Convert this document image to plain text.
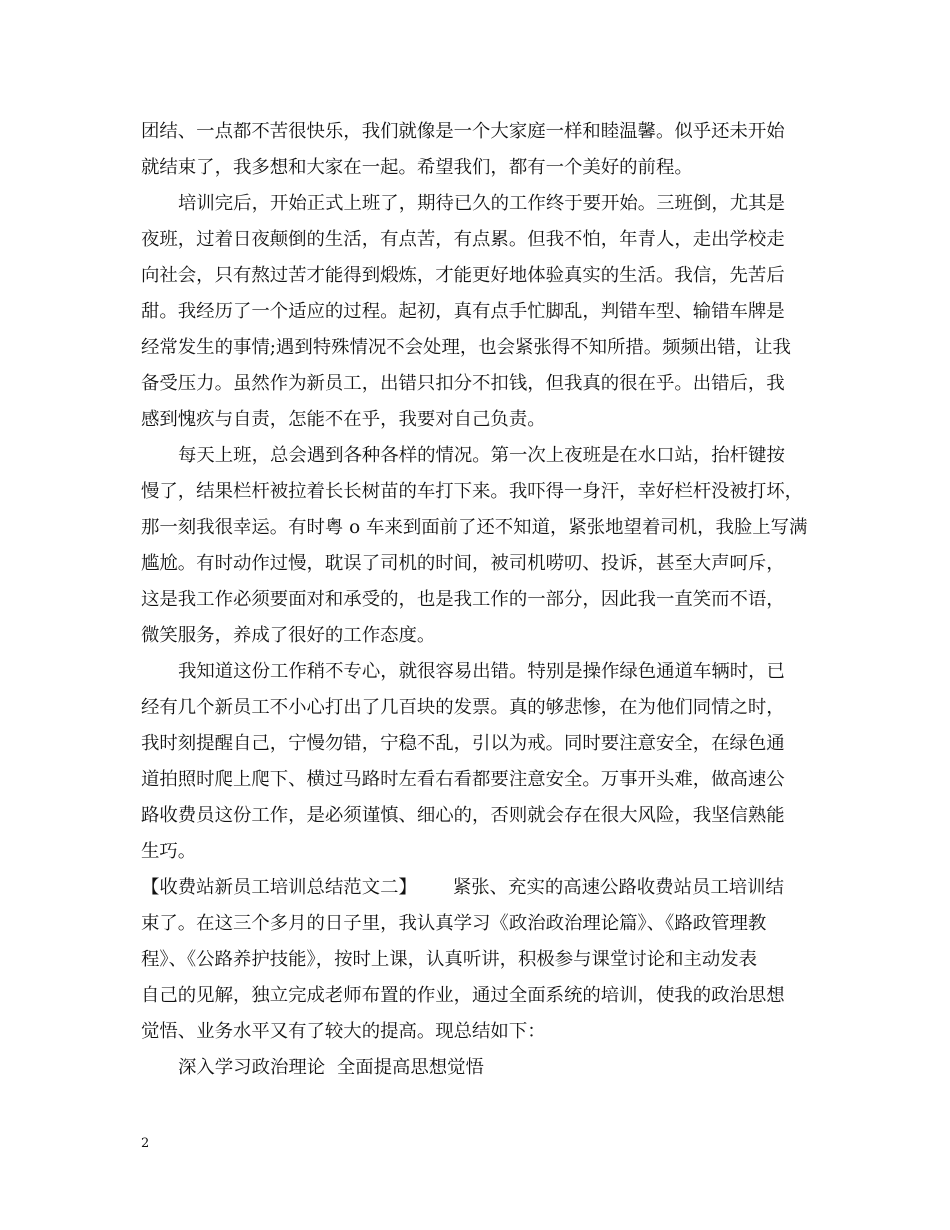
团结、一点都不苦很快乐，我们就像是一个大家庭一样和睦温馨。似乎还未开始
就结束了，我多想和大家在一起。希望我们，都有一个美好的前程。
培训完后，开始正式上班了，期待已久的工作终于要开始。三班倒，尤其是
夜班，过着日夜颠倒的生活，有点苦，有点累。但我不怕，年青人，走出学校走
向社会，只有熬过苦才能得到煅炼，才能更好地体验真实的生活。我信，先苦后
甜。我经历了一个适应的过程。起初，真有点手忙脚乱，判错车型、输错车牌是
经常发生的事情;遇到特殊情况不会处理，也会紧张得不知所措。频频出错，让我
备受压力。虽然作为新员工，出错只扣分不扣钱，但我真的很在乎。出错后，我
感到愧疚与自责，怎能不在乎，我要对自己负责。
每天上班，总会遇到各种各样的情况。第一次上夜班是在水口站，抬杆键按
慢了，结果栏杆被拉着长长树苗的车打下来。我吓得一身汗，幸好栏杆没被打坏，
那一刻我很幸运。有时粤 o 车来到面前了还不知道，紧张地望着司机，我脸上写满
尴尬。有时动作过慢，耽误了司机的时间，被司机唠叨、投诉，甚至大声呵斥，
这是我工作必须要面对和承受的，也是我工作的一部分，因此我一直笑而不语，
微笑服务，养成了很好的工作态度。
我知道这份工作稍不专心，就很容易出错。特别是操作绿色通道车辆时，已
经有几个新员工不小心打出了几百块的发票。真的够悲惨，在为他们同情之时，
我时刻提醒自己，宁慢勿错，宁稳不乱，引以为戒。同时要注意安全，在绿色通
道拍照时爬上爬下、横过马路时左看右看都要注意安全。万事开头难，做高速公
路收费员这份工作，是必须谨慎、细心的，否则就会存在很大风险，我坚信熟能
生巧。
【收费站新员工培训总结范文二】 紧张、充实的高速公路收费站员工培训结
束了。在这三个多月的日子里，我认真学习《政治政治理论篇》、《路政管理教
程》、《公路养护技能》，按时上课，认真听讲，积极参与课堂讨论和主动发表
自己的见解，独立完成老师布置的作业，通过全面系统的培训，使我的政治思想
觉悟、业务水平又有了较大的提高。现总结如下：
深入学习政治理论  全面提高思想觉悟
2
